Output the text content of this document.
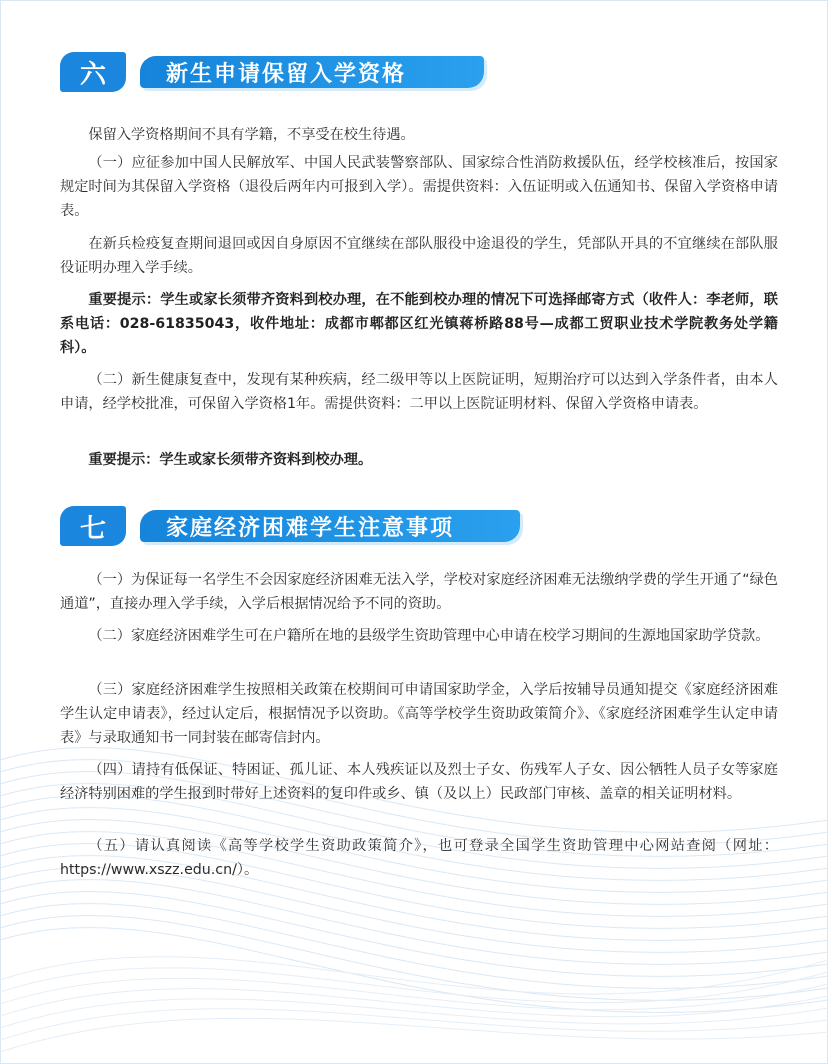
六	新生申请保留入学资格

保留入学资格期间不具有学籍，不享受在校生待遇。

（一）应征参加中国人民解放军、中国人民武装警察部队、国家综合性消防救援队伍，经学校核准后，按国家规定时间为其保留入学资格（退役后两年内可报到入学）。需提供资料：入伍证明或入伍通知书、保留入学资格申请表。

在新兵检疫复查期间退回或因自身原因不宜继续在部队服役中途退役的学生，凭部队开具的不宜继续在部队服役证明办理入学手续。

重要提示：学生或家长须带齐资料到校办理，在不能到校办理的情况下可选择邮寄方式（收件人：李老师，联系电话：028-61835043，收件地址：成都市郫都区红光镇蒋桥路88号—成都工贸职业技术学院教务处学籍科）。

（二）新生健康复查中，发现有某种疾病，经二级甲等以上医院证明，短期治疗可以达到入学条件者，由本人申请，经学校批准，可保留入学资格1年。需提供资料：二甲以上医院证明材料、保留入学资格申请表。

重要提示：学生或家长须带齐资料到校办理。

七	家庭经济困难学生注意事项

（一）为保证每一名学生不会因家庭经济困难无法入学，学校对家庭经济困难无法缴纳学费的学生开通了“绿色通道”，直接办理入学手续，入学后根据情况给予不同的资助。

（二）家庭经济困难学生可在户籍所在地的县级学生资助管理中心申请在校学习期间的生源地国家助学贷款。

（三）家庭经济困难学生按照相关政策在校期间可申请国家助学金，入学后按辅导员通知提交《家庭经济困难学生认定申请表》，经过认定后，根据情况予以资助。《高等学校学生资助政策简介》、《家庭经济困难学生认定申请表》与录取通知书一同封装在邮寄信封内。

（四）请持有低保证、特困证、孤儿证、本人残疾证以及烈士子女、伤残军人子女、因公牺牲人员子女等家庭经济特别困难的学生报到时带好上述资料的复印件或乡、镇（及以上）民政部门审核、盖章的相关证明材料。

（五）请认真阅读《高等学校学生资助政策简介》，也可登录全国学生资助管理中心网站查阅（网址：https://www.xszz.edu.cn/）。
